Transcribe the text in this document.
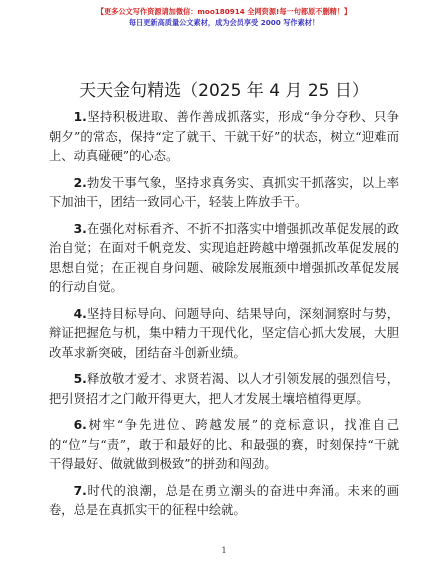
【更多公文写作资源请加微信：moo180914 全网资源!每一句都原不删精！】
每日更新高质量公文素材，成为会员享受 2000 写作素材！
天天金句精选（2025 年 4 月 25 日）

1.坚持积极进取、善作善成抓落实，形成“争分夺秒、只争朝夕”的常态，保持“定了就干、干就干好”的状态，树立“迎难而上、动真碰硬”的心态。

2.勃发干事气象，坚持求真务实、真抓实干抓落实，以上率下加油干，团结一致同心干，轻装上阵放手干。

3.在强化对标看齐、不折不扣落实中增强抓改革促发展的政治自觉；在面对千帆竞发、实现追赶跨越中增强抓改革促发展的思想自觉；在正视自身问题、破除发展瓶颈中增强抓改革促发展的行动自觉。

4.坚持目标导向、问题导向、结果导向，深刻洞察时与势，辩证把握危与机，集中精力干现代化，坚定信心抓大发展，大胆改革求新突破，团结奋斗创新业绩。

5.释放敬才爱才、求贤若渴、以人才引领发展的强烈信号，把引贤招才之门敞开得更大，把人才发展土壤培植得更厚。

6.树牢“争先进位、跨越发展”的竞标意识，找准自己的“位”与“责”，敢于和最好的比、和最强的赛，时刻保持“干就干得最好、做就做到极致”的拼劲和闯劲。

7.时代的浪潮，总是在勇立潮头的奋进中奔涌。未来的画卷，总是在真抓实干的征程中绘就。

1
